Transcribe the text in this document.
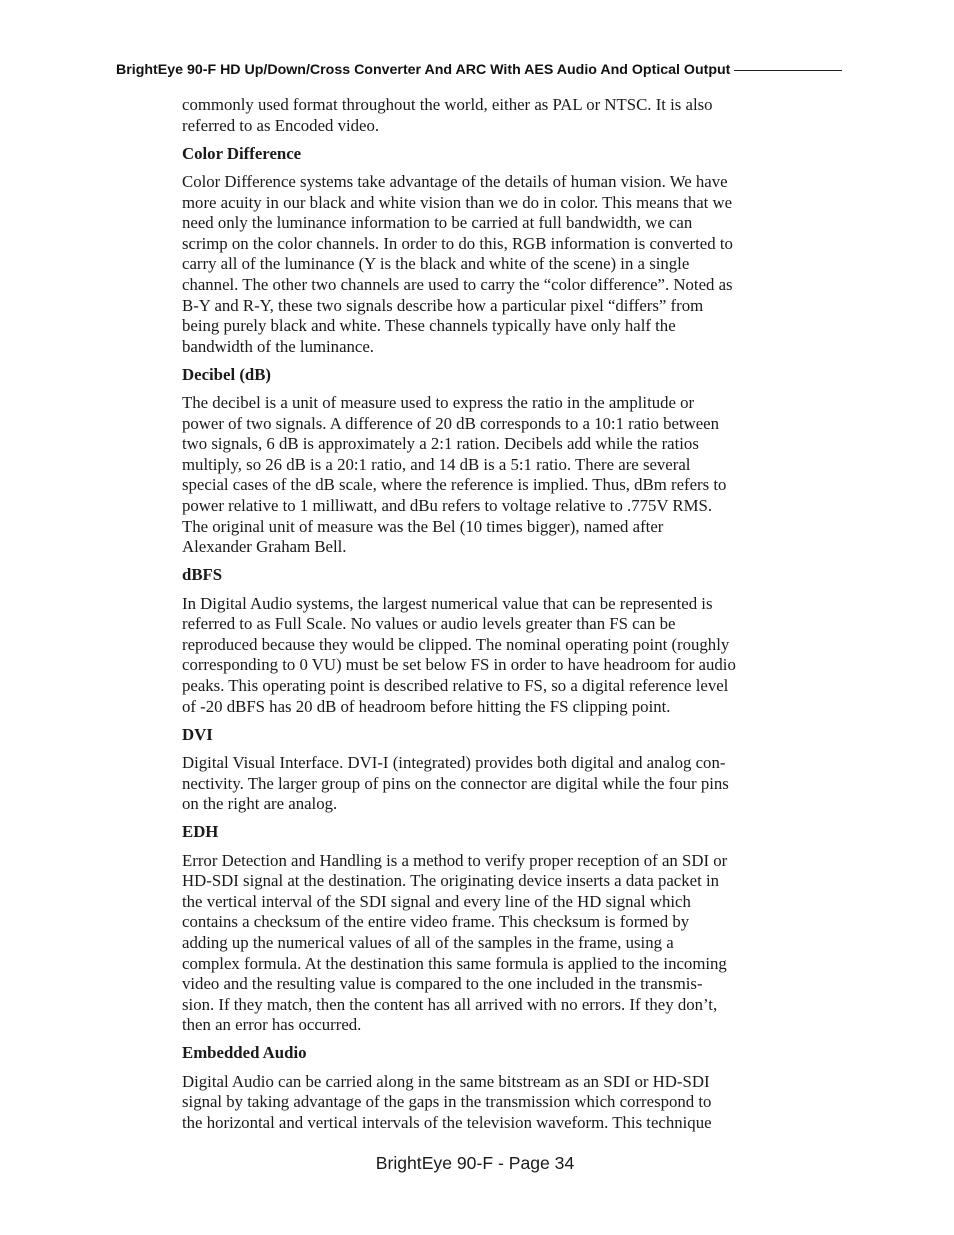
BrightEye 90-F HD Up/Down/Cross Converter And ARC With AES Audio And Optical Output

commonly used format throughout the world, either as PAL or NTSC. It is also
referred to as Encoded video.

Color Difference

Color Difference systems take advantage of the details of human vision. We have
more acuity in our black and white vision than we do in color. This means that we
need only the luminance information to be carried at full bandwidth, we can
scrimp on the color channels. In order to do this, RGB information is converted to
carry all of the luminance (Y is the black and white of the scene) in a single
channel. The other two channels are used to carry the “color difference”. Noted as
B-Y and R-Y, these two signals describe how a particular pixel “differs” from
being purely black and white. These channels typically have only half the
bandwidth of the luminance.

Decibel (dB)

The decibel is a unit of measure used to express the ratio in the amplitude or
power of two signals. A difference of 20 dB corresponds to a 10:1 ratio between
two signals, 6 dB is approximately a 2:1 ration. Decibels add while the ratios
multiply, so 26 dB is a 20:1 ratio, and 14 dB is a 5:1 ratio. There are several
special cases of the dB scale, where the reference is implied. Thus, dBm refers to
power relative to 1 milliwatt, and dBu refers to voltage relative to .775V RMS.
The original unit of measure was the Bel (10 times bigger), named after
Alexander Graham Bell.

dBFS

In Digital Audio systems, the largest numerical value that can be represented is
referred to as Full Scale. No values or audio levels greater than FS can be
reproduced because they would be clipped. The nominal operating point (roughly
corresponding to 0 VU) must be set below FS in order to have headroom for audio
peaks. This operating point is described relative to FS, so a digital reference level
of -20 dBFS has 20 dB of headroom before hitting the FS clipping point.

DVI

Digital Visual Interface. DVI-I (integrated) provides both digital and analog con-
nectivity. The larger group of pins on the connector are digital while the four pins
on the right are analog.

EDH

Error Detection and Handling is a method to verify proper reception of an SDI or
HD-SDI signal at the destination. The originating device inserts a data packet in
the vertical interval of the SDI signal and every line of the HD signal which
contains a checksum of the entire video frame. This checksum is formed by
adding up the numerical values of all of the samples in the frame, using a
complex formula. At the destination this same formula is applied to the incoming
video and the resulting value is compared to the one included in the transmis-
sion. If they match, then the content has all arrived with no errors. If they don’t,
then an error has occurred.

Embedded Audio

Digital Audio can be carried along in the same bitstream as an SDI or HD-SDI
signal by taking advantage of the gaps in the transmission which correspond to
the horizontal and vertical intervals of the television waveform. This technique

BrightEye 90-F - Page 34
